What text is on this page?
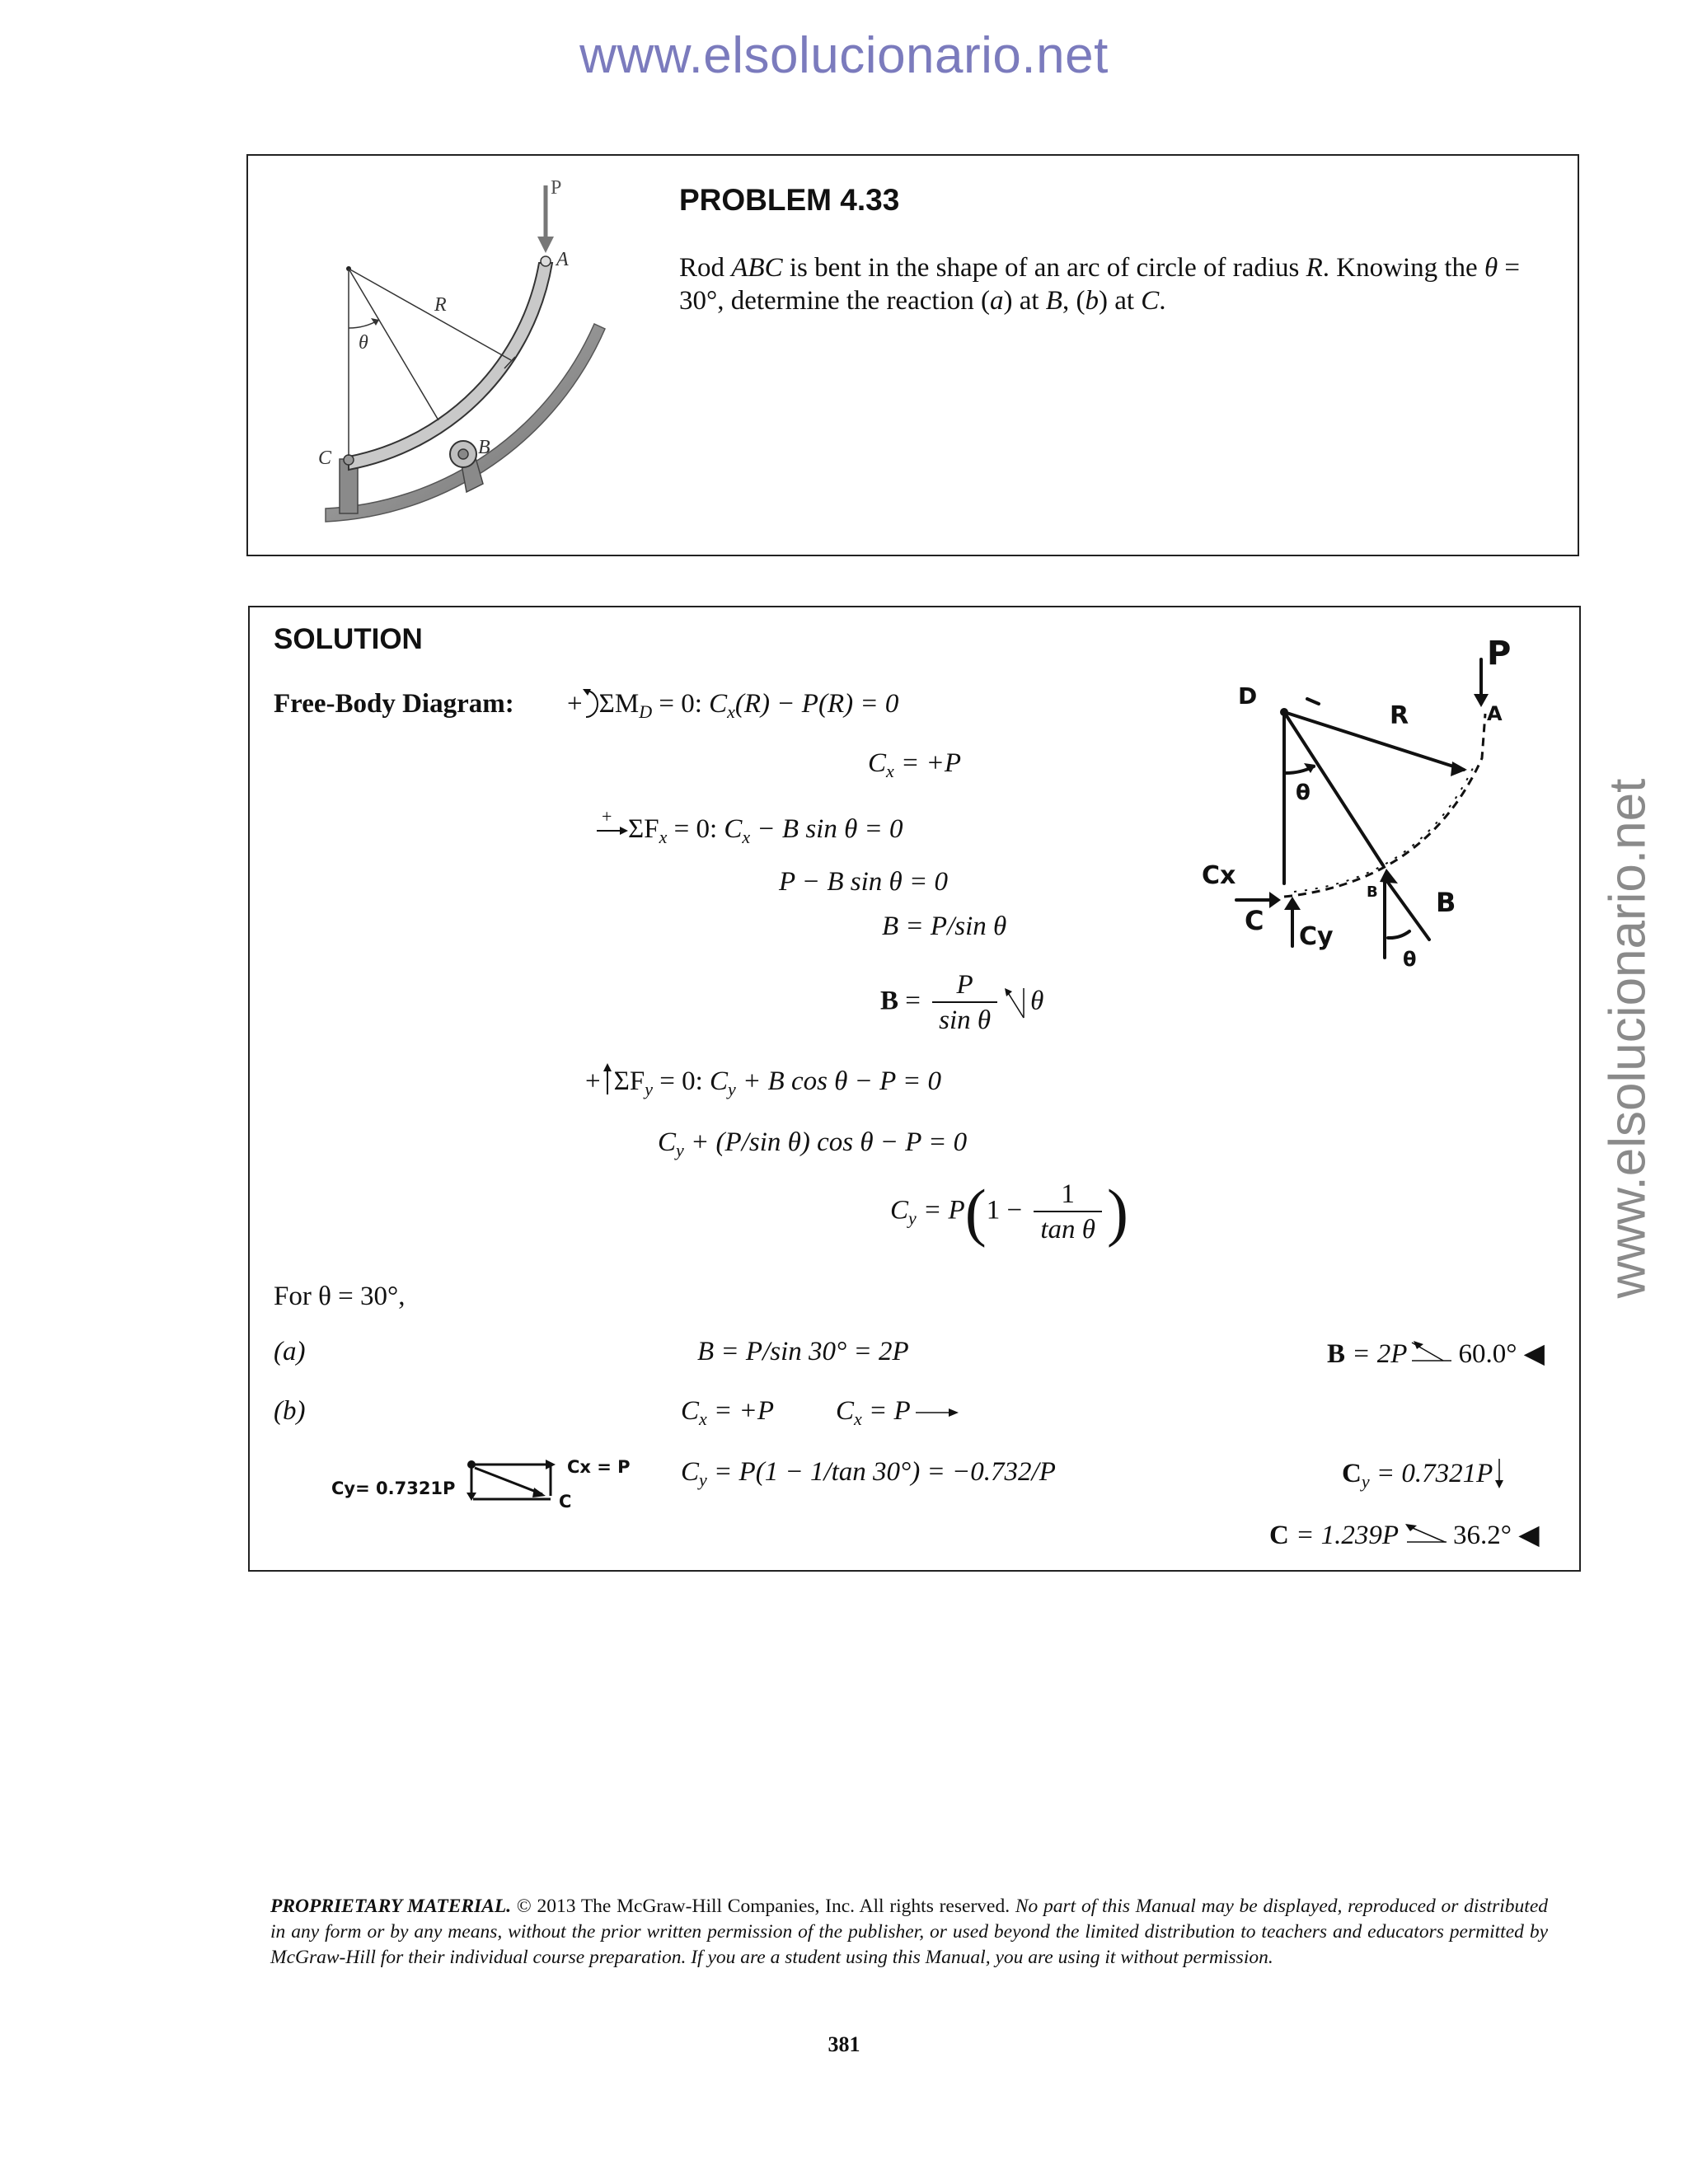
www.elsolucionario.net
www.elsolucionario.net
P
A
R
θ
C	B
PROBLEM 4.33
Rod ABC is bent in the shape of an arc of circle of radius R. Knowing the θ = 30°, determine the reaction (a) at B, (b) at C.
SOLUTION
Free-Body Diagram: + $\Sigma M_D = 0$: $C_x(R) - P(R) = 0$
$C_x = +P$
+ $\Sigma F_x = 0$: $C_x - B$ sin θ = 0
P − B sin θ = 0
B = P/sin θ
$B = \frac{P}{\text{sin θ}}$ θ
+ $\Sigma F_y = 0$: $C_y + B$ cos θ − P = 0
$C_y + (P/\sin$ θ) cos θ − P = 0
$C_y = P(1 - \frac{1}{\text{tan θ}}$ )
For θ = 30°,
(a)	B = P/sin 30° = 2P	B = 2P 60.0° ◀
(b)	$C_x = +P$ $C_x = P$
$C_y = P(1 - 1/\tan$ 30°) = −0.732/P	$C_y = 0.7321P$
C = 1.239P 36.2° ◀
Cy= 0.7321P
Cx = P
C
P
D
R	A
θ
Cx
C
Cy
B B
θ
PROPRIETARY MATERIAL. © 2013 The McGraw-Hill Companies, Inc. All rights reserved. No part of this Manual may be displayed, reproduced or distributed in any form or by any means, without the prior written permission of the publisher, or used beyond the limited distribution to teachers and educators permitted by McGraw-Hill for their individual course preparation. If you are a student using this Manual, you are using it without permission.
381
